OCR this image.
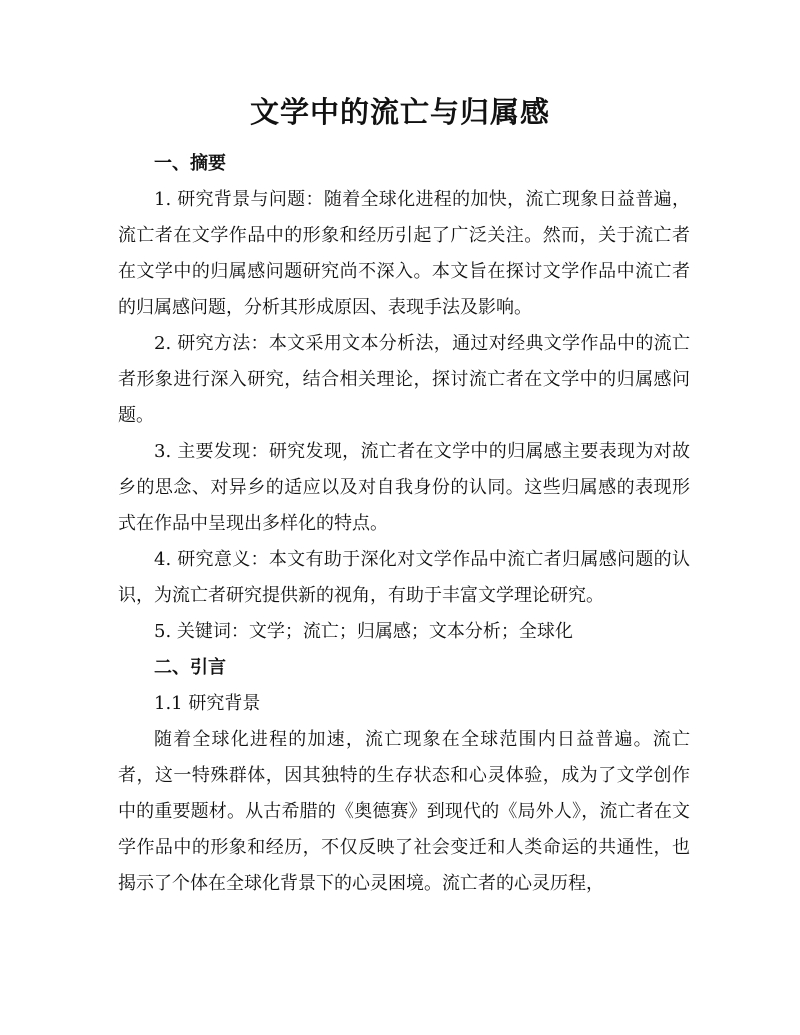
文学中的流亡与归属感

一、摘要

1. 研究背景与问题：随着全球化进程的加快，流亡现象日益普遍，流亡者在文学作品中的形象和经历引起了广泛关注。然而，关于流亡者在文学中的归属感问题研究尚不深入。本文旨在探讨文学作品中流亡者的归属感问题，分析其形成原因、表现手法及影响。

2. 研究方法：本文采用文本分析法，通过对经典文学作品中的流亡者形象进行深入研究，结合相关理论，探讨流亡者在文学中的归属感问题。

3. 主要发现：研究发现，流亡者在文学中的归属感主要表现为对故乡的思念、对异乡的适应以及对自我身份的认同。这些归属感的表现形式在作品中呈现出多样化的特点。

4. 研究意义：本文有助于深化对文学作品中流亡者归属感问题的认识，为流亡者研究提供新的视角，有助于丰富文学理论研究。

5. 关键词：文学；流亡；归属感；文本分析；全球化

二、引言

1.1 研究背景

随着全球化进程的加速，流亡现象在全球范围内日益普遍。流亡者，这一特殊群体，因其独特的生存状态和心灵体验，成为了文学创作中的重要题材。从古希腊的《奥德赛》到现代的《局外人》，流亡者在文学作品中的形象和经历，不仅反映了社会变迁和人类命运的共通性，也揭示了个体在全球化背景下的心灵困境。流亡者的心灵历程，
